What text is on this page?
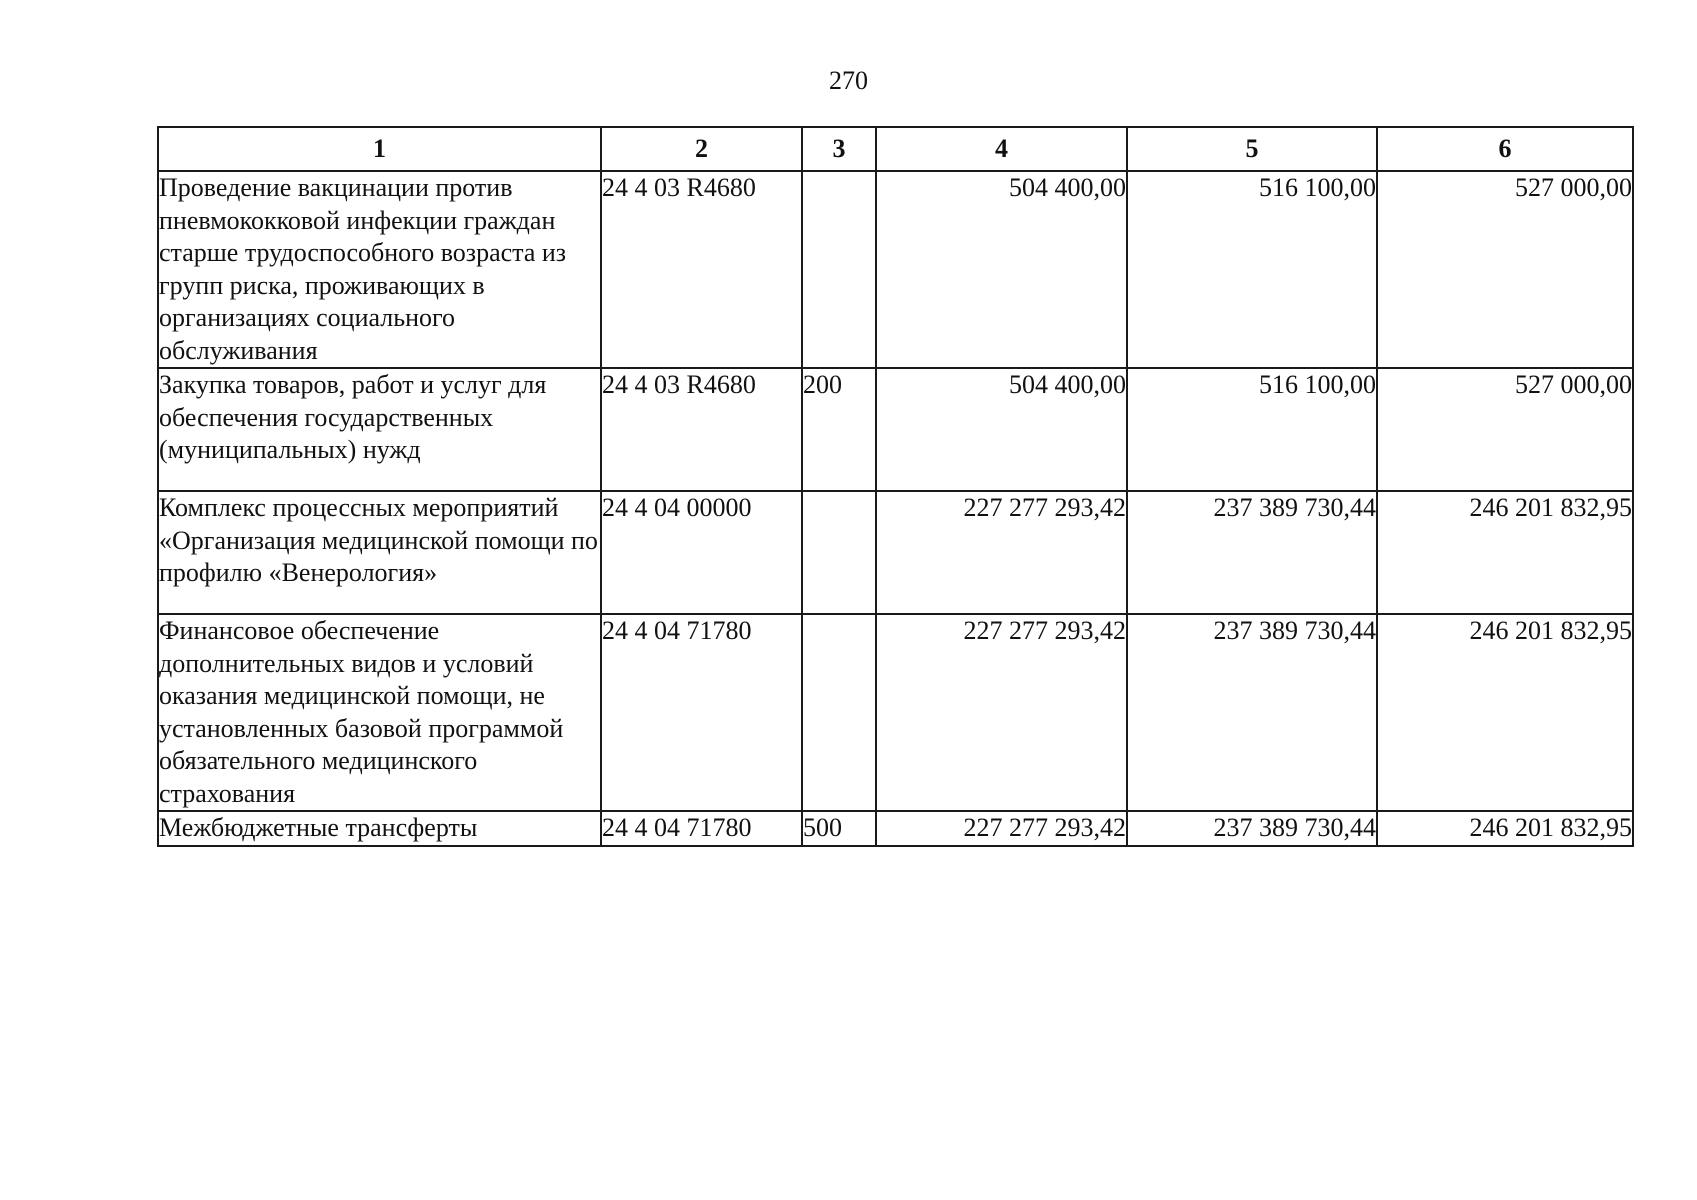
270
1	2	3	4	5	6
Проведение вакцинации против пневмококковой инфекции граждан старше трудоспособного возраста из групп риска, проживающих в организациях социального обслуживания	24 4 03 R4680		504 400,00	516 100,00	527 000,00
Закупка товаров, работ и услуг для обеспечения государственных (муниципальных) нужд	24 4 03 R4680	200	504 400,00	516 100,00	527 000,00
Комплекс процессных мероприятий «Организация медицинской помощи по профилю «Венерология»	24 4 04 00000		227 277 293,42	237 389 730,44	246 201 832,95
Финансовое обеспечение дополнительных видов и условий оказания медицинской помощи, не установленных базовой программой обязательного медицинского страхования	24 4 04 71780		227 277 293,42	237 389 730,44	246 201 832,95
Межбюджетные трансферты	24 4 04 71780	500	227 277 293,42	237 389 730,44	246 201 832,95
